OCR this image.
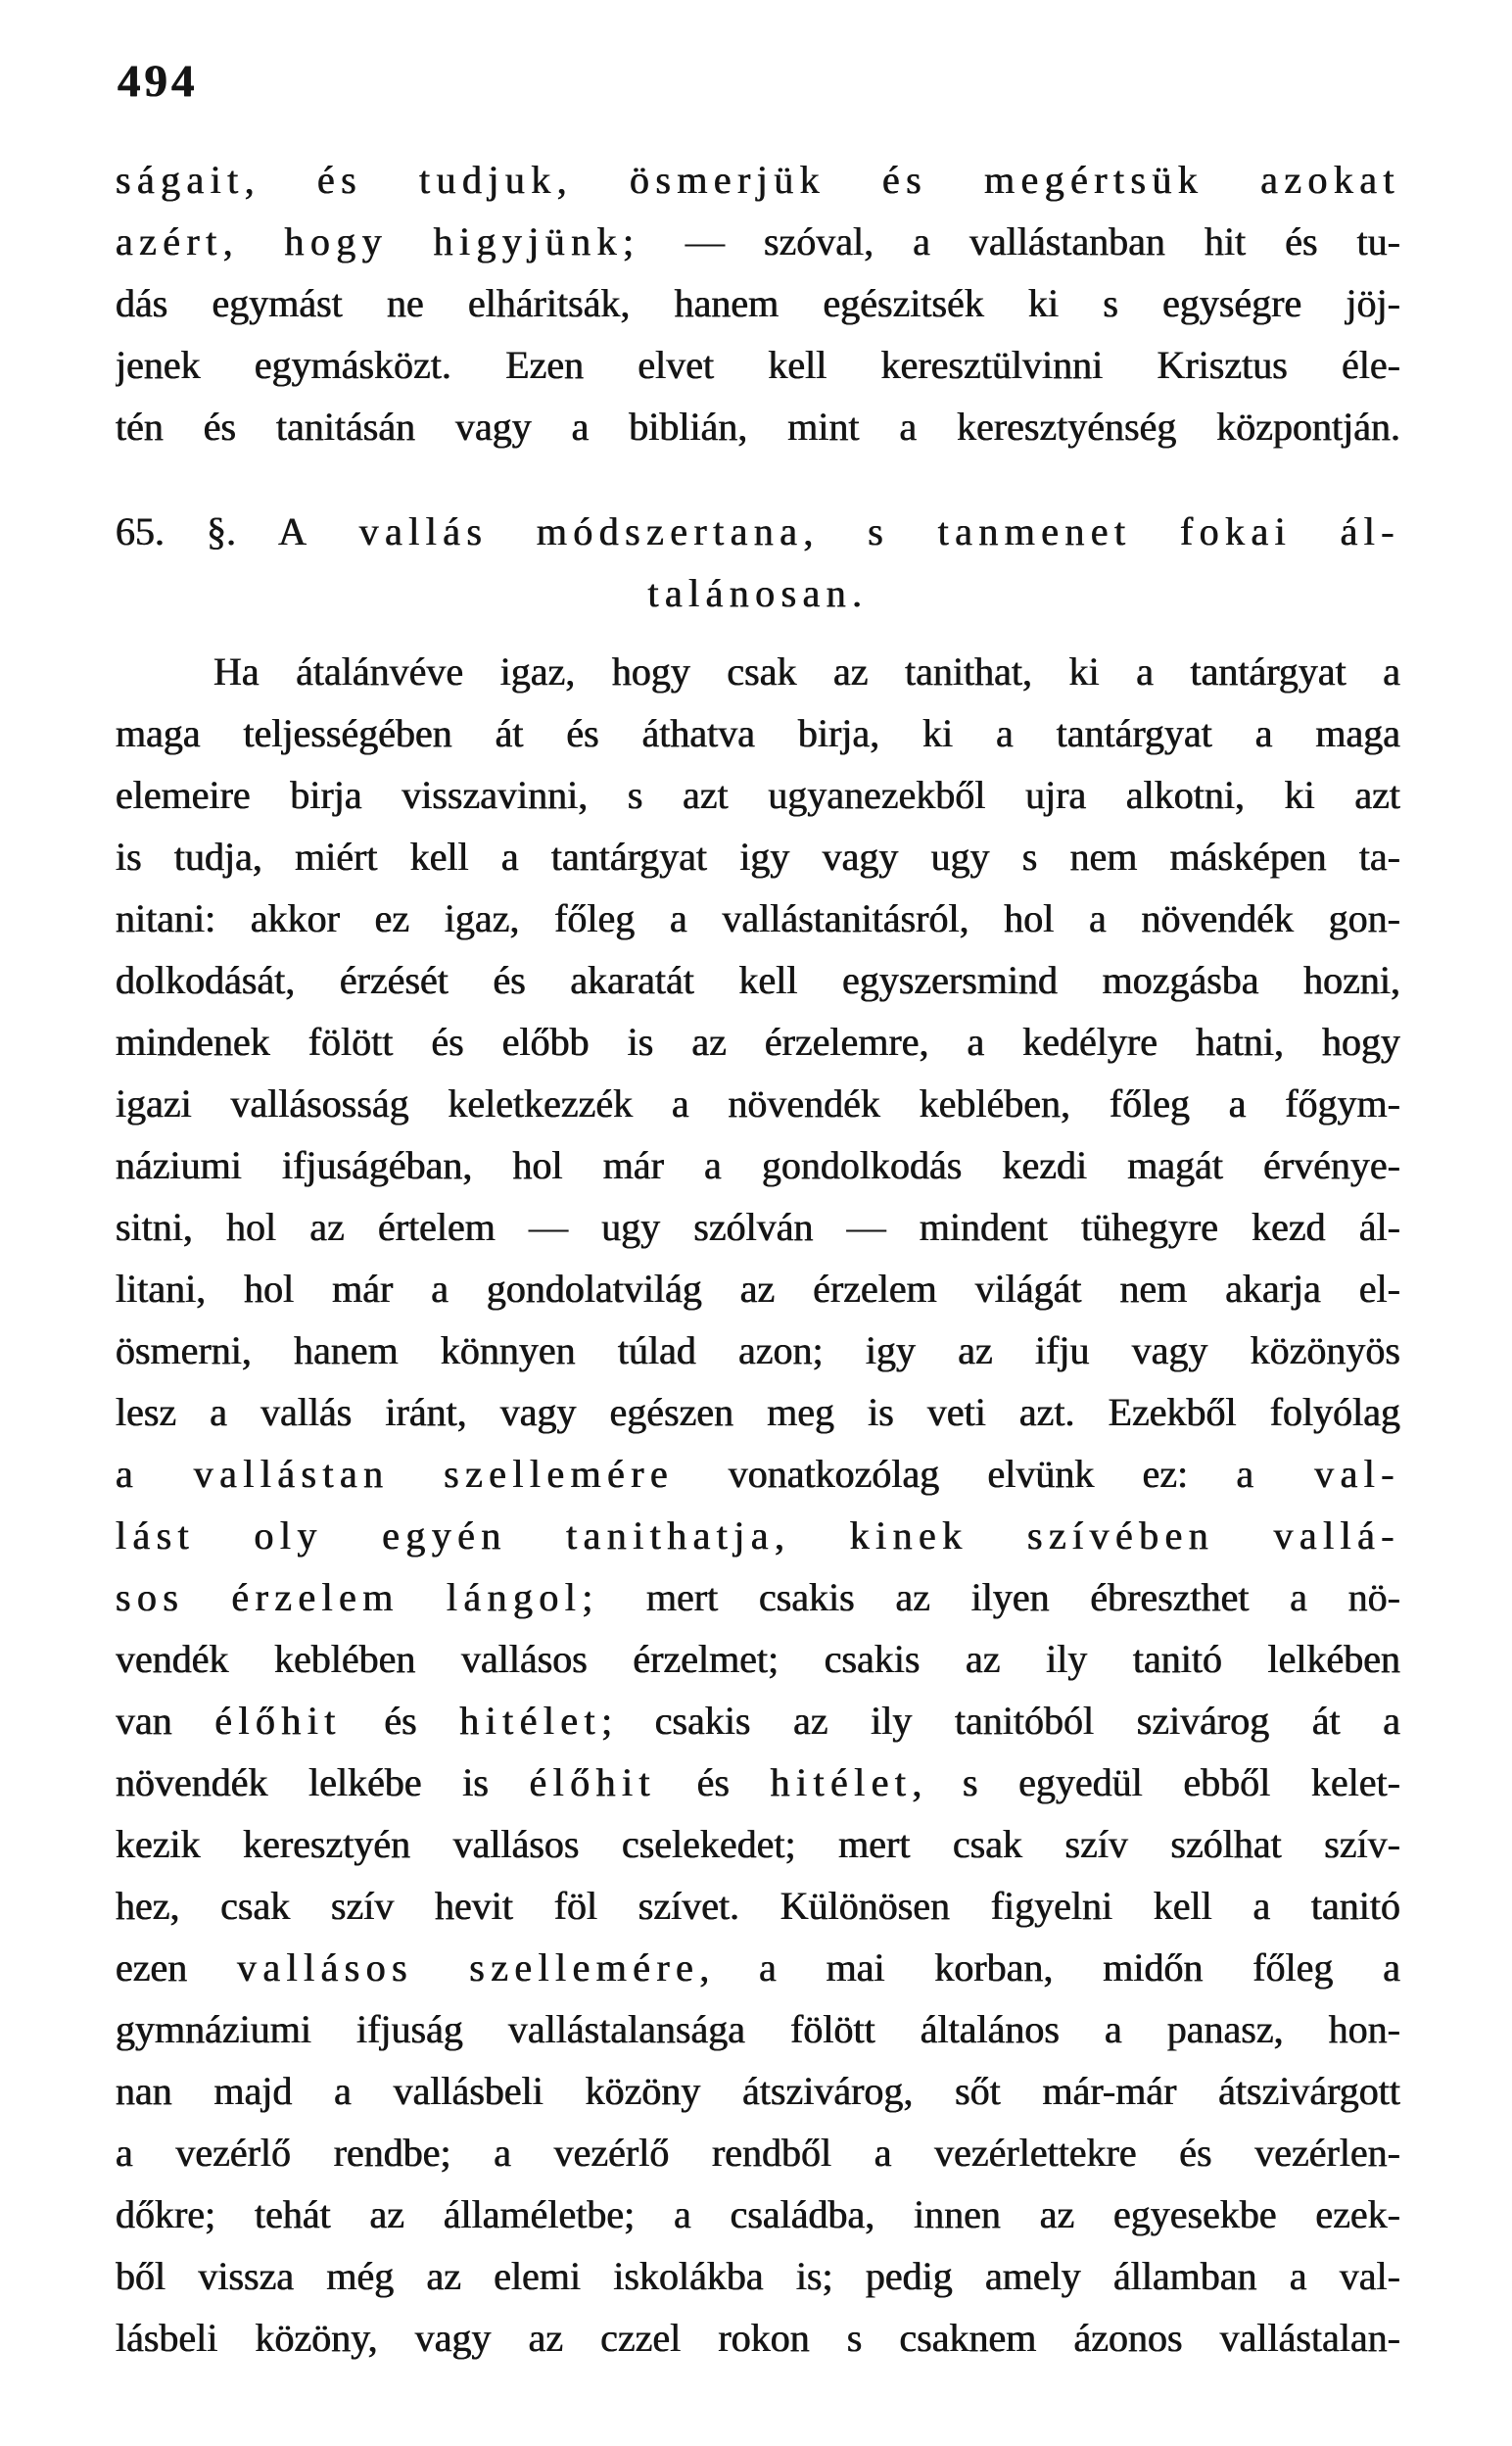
494
ságait, és tudjuk, ösmerjük és megértsük azokat
azért, hogy higyjünk; — szóval, a vallástanban hit és tu-
dás egymást ne elháritsák, hanem egészitsék ki s egységre jöj-
jenek egymásközt. Ezen elvet kell keresztülvinni Krisztus éle-
tén és tanitásán vagy a biblián, mint a keresztyénség központján.
65. §. A vallás módszertana, s tanmenet fokai ál-
talánosan.
Ha átalánvéve igaz, hogy csak az tanithat, ki a tantárgyat a
maga teljességében át és áthatva birja, ki a tantárgyat a maga
elemeire birja visszavinni, s azt ugyanezekből ujra alkotni, ki azt
is tudja, miért kell a tantárgyat igy vagy ugy s nem másképen ta-
nitani: akkor ez igaz, főleg a vallástanitásról, hol a növendék gon-
dolkodását, érzését és akaratát kell egyszersmind mozgásba hozni,
mindenek fölött és előbb is az érzelemre, a kedélyre hatni, hogy
igazi vallásosság keletkezzék a növendék keblében, főleg a főgym-
náziumi ifjuságéban, hol már a gondolkodás kezdi magát érvénye-
sitni, hol az értelem — ugy szólván — mindent tühegyre kezd ál-
litani, hol már a gondolatvilág az érzelem világát nem akarja el-
ösmerni, hanem könnyen túlad azon; igy az ifju vagy közönyös
lesz a vallás iránt, vagy egészen meg is veti azt. Ezekből folyólag
a vallástan szellemére vonatkozólag elvünk ez: a val-
lást oly egyén tanithatja, kinek szívében vallá-
sos érzelem lángol; mert csakis az ilyen ébreszthet a nö-
vendék keblében vallásos érzelmet; csakis az ily tanitó lelkében
van élőhit és hitélet; csakis az ily tanitóból szivárog át a
növendék lelkébe is élőhit és hitélet, s egyedül ebből kelet-
kezik keresztyén vallásos cselekedet; mert csak szív szólhat szív-
hez, csak szív hevit föl szívet. Különösen figyelni kell a tanitó
ezen vallásos szellemére, a mai korban, midőn főleg a
gymnáziumi ifjuság vallástalansága fölött általános a panasz, hon-
nan majd a vallásbeli közöny átszivárog, sőt már-már átszivárgott
a vezérlő rendbe; a vezérlő rendből a vezérlettekre és vezérlen-
dőkre; tehát az államéletbe; a családba, innen az egyesekbe ezek-
ből vissza még az elemi iskolákba is; pedig amely államban a val-
lásbeli közöny, vagy az czzel rokon s csaknem ázonos vallástalan-
